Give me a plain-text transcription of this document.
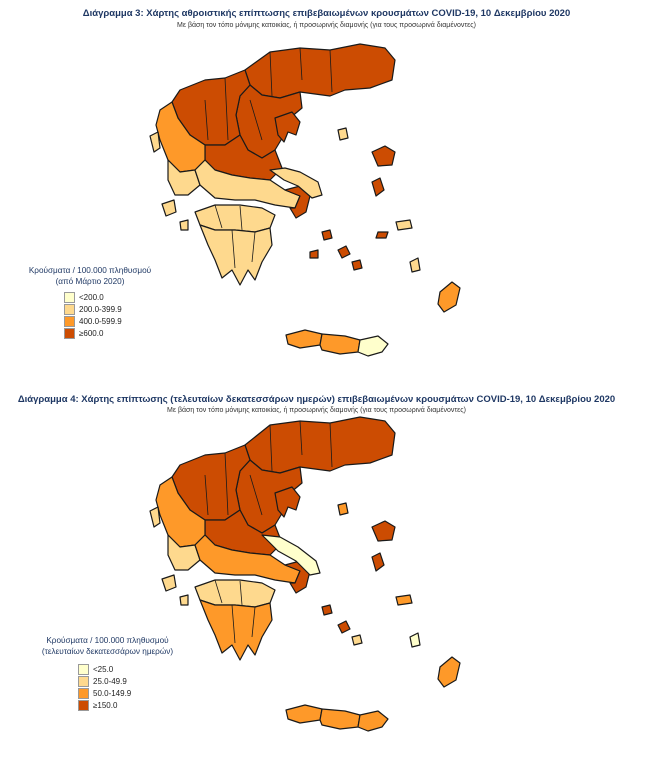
Διάγραμμα 3: Χάρτης αθροιστικής επίπτωσης επιβεβαιωμένων κρουσμάτων COVID-19, 10 Δεκεμβρίου 2020
Με βάση τον τόπο μόνιμης κατοικίας, ή προσωρινής διαμονής (για τους προσωρινά διαμένοντες)
Κρούσματα / 100.000 πληθυσμού
(από Μάρτιο 2020)
<200.0
200.0-399.9
400.0-599.9
≥600.0
Διάγραμμα 4: Χάρτης επίπτωσης (τελευταίων δεκατεσσάρων ημερών) επιβεβαιωμένων κρουσμάτων COVID-19, 10 Δεκεμβρίου 2020
Με βάση τον τόπο μόνιμης κατοικίας, ή προσωρινής διαμονής (για τους προσωρινά διαμένοντες)
Κρούσματα / 100.000 πληθυσμού
(τελευταίων δεκατεσσάρων ημερών)
<25.0
25.0-49.9
50.0-149.9
≥150.0
